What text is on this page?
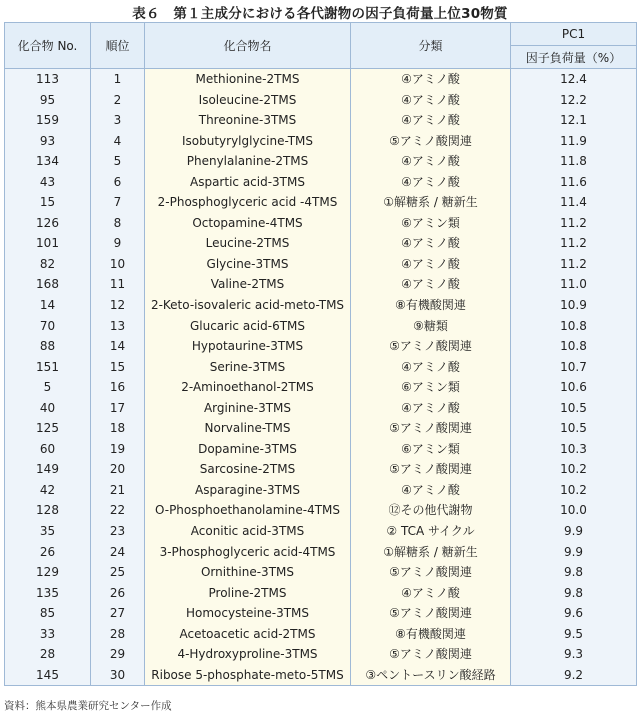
表６　第１主成分における各代謝物の因子負荷量上位30物質
化合物 No.	順位	化合物名	分類	PC1
				因子負荷量（%）
113	1	Methionine-2TMS	④アミノ酸	12.4
95	2	Isoleucine-2TMS	④アミノ酸	12.2
159	3	Threonine-3TMS	④アミノ酸	12.1
93	4	Isobutyrylglycine-TMS	⑤アミノ酸関連	11.9
134	5	Phenylalanine-2TMS	④アミノ酸	11.8
43	6	Aspartic acid-3TMS	④アミノ酸	11.6
15	7	2-Phosphoglyceric acid -4TMS	①解糖系 / 糖新生	11.4
126	8	Octopamine-4TMS	⑥アミン類	11.2
101	9	Leucine-2TMS	④アミノ酸	11.2
82	10	Glycine-3TMS	④アミノ酸	11.2
168	11	Valine-2TMS	④アミノ酸	11.0
14	12	2-Keto-isovaleric acid-meto-TMS	⑧有機酸関連	10.9
70	13	Glucaric acid-6TMS	⑨糖類	10.8
88	14	Hypotaurine-3TMS	⑤アミノ酸関連	10.8
151	15	Serine-3TMS	④アミノ酸	10.7
5	16	2-Aminoethanol-2TMS	⑥アミン類	10.6
40	17	Arginine-3TMS	④アミノ酸	10.5
125	18	Norvaline-TMS	⑤アミノ酸関連	10.5
60	19	Dopamine-3TMS	⑥アミン類	10.3
149	20	Sarcosine-2TMS	⑤アミノ酸関連	10.2
42	21	Asparagine-3TMS	④アミノ酸	10.2
128	22	O-Phosphoethanolamine-4TMS	⑫その他代謝物	10.0
35	23	Aconitic acid-3TMS	② TCA サイクル	9.9
26	24	3-Phosphoglyceric acid-4TMS	①解糖系 / 糖新生	9.9
129	25	Ornithine-3TMS	⑤アミノ酸関連	9.8
135	26	Proline-2TMS	④アミノ酸	9.8
85	27	Homocysteine-3TMS	⑤アミノ酸関連	9.6
33	28	Acetoacetic acid-2TMS	⑧有機酸関連	9.5
28	29	4-Hydroxyproline-3TMS	⑤アミノ酸関連	9.3
145	30	Ribose 5-phosphate-meto-5TMS	③ペントースリン酸経路	9.2
資料：熊本県農業研究センター作成
